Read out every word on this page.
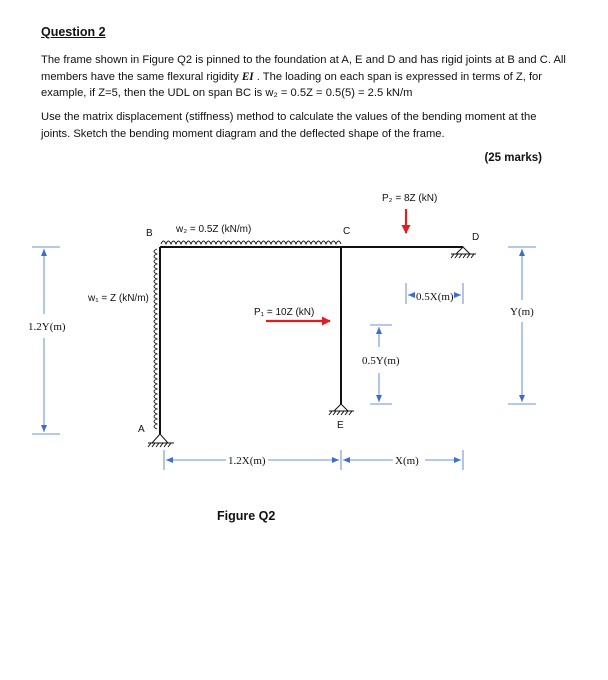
Question 2

The frame shown in Figure Q2 is pinned to the foundation at A, E and D and has rigid joints at B and C. All members have the same flexural rigidity EI . The loading on each span is expressed in terms of Z, for example, if Z=5, then the UDL on span BC is w₂ = 0.5Z = 0.5(5) = 2.5 kN/m

Use the matrix displacement (stiffness) method to calculate the values of the bending moment at the joints. Sketch the bending moment diagram and the deflected shape of the frame.

(25 marks)

B	C
D
A	E
w₂ = 0.5Z (kN/m)
w₁ = Z (kN/m)
P₁ = 10Z (kN)
P₂ = 8Z (kN)
1.2Y(m)
Y(m)
0.5Y(m)
0.5X(m)
1.2X(m)	X(m)
Figure Q2
